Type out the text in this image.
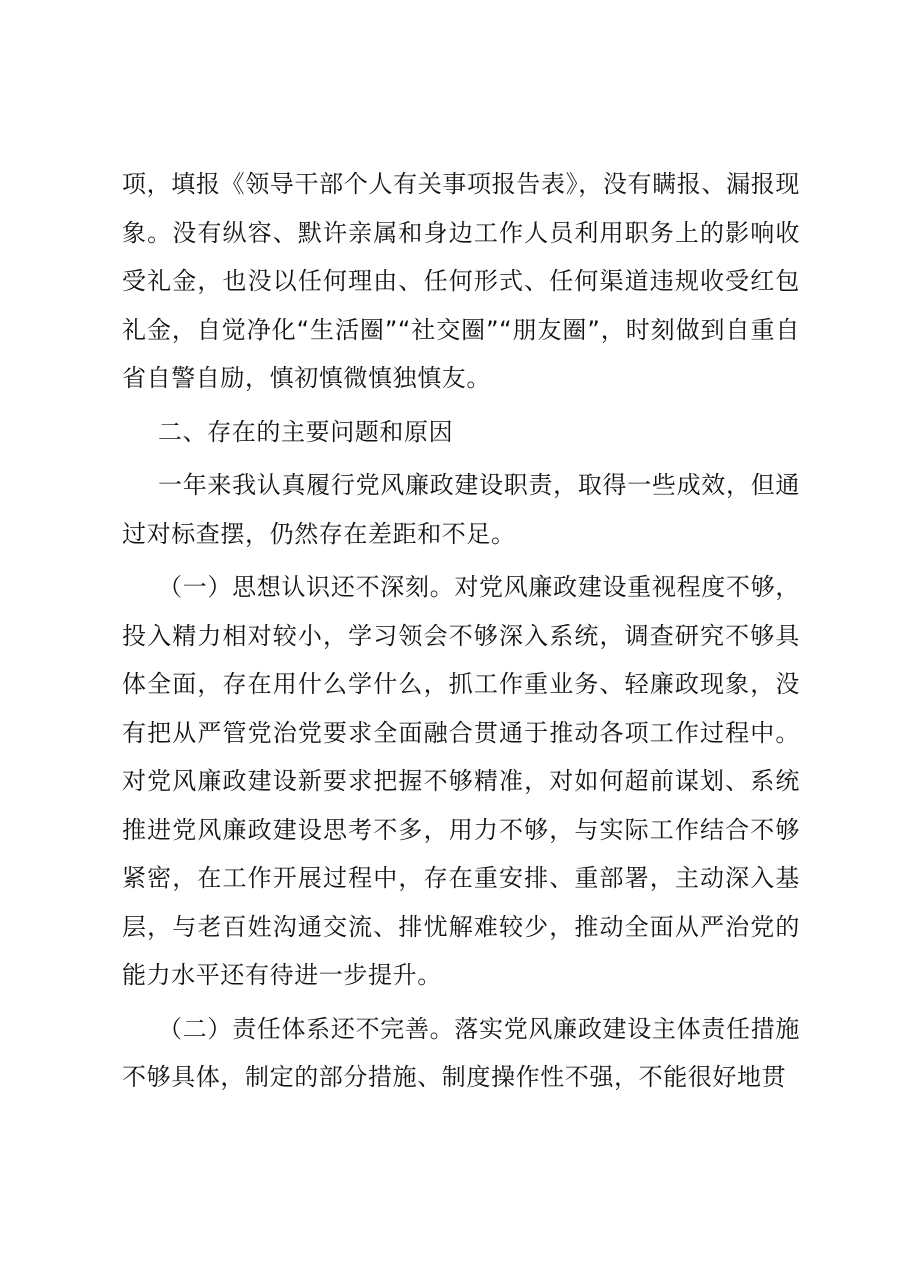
项，填报《领导干部个人有关事项报告表》，没有瞒报、漏报现象。没有纵容、默许亲属和身边工作人员利用职务上的影响收受礼金，也没以任何理由、任何形式、任何渠道违规收受红包礼金，自觉净化“生活圈”“社交圈”“朋友圈”，时刻做到自重自省自警自励，慎初慎微慎独慎友。

二、存在的主要问题和原因

一年来我认真履行党风廉政建设职责，取得一些成效，但通过对标查摆，仍然存在差距和不足。

（一）思想认识还不深刻。对党风廉政建设重视程度不够，投入精力相对较小，学习领会不够深入系统，调查研究不够具体全面，存在用什么学什么，抓工作重业务、轻廉政现象，没有把从严管党治党要求全面融合贯通于推动各项工作过程中。对党风廉政建设新要求把握不够精准，对如何超前谋划、系统推进党风廉政建设思考不多，用力不够，与实际工作结合不够紧密，在工作开展过程中，存在重安排、重部署，主动深入基层，与老百姓沟通交流、排忧解难较少，推动全面从严治党的能力水平还有待进一步提升。

（二）责任体系还不完善。落实党风廉政建设主体责任措施不够具体，制定的部分措施、制度操作性不强，不能很好地贯
